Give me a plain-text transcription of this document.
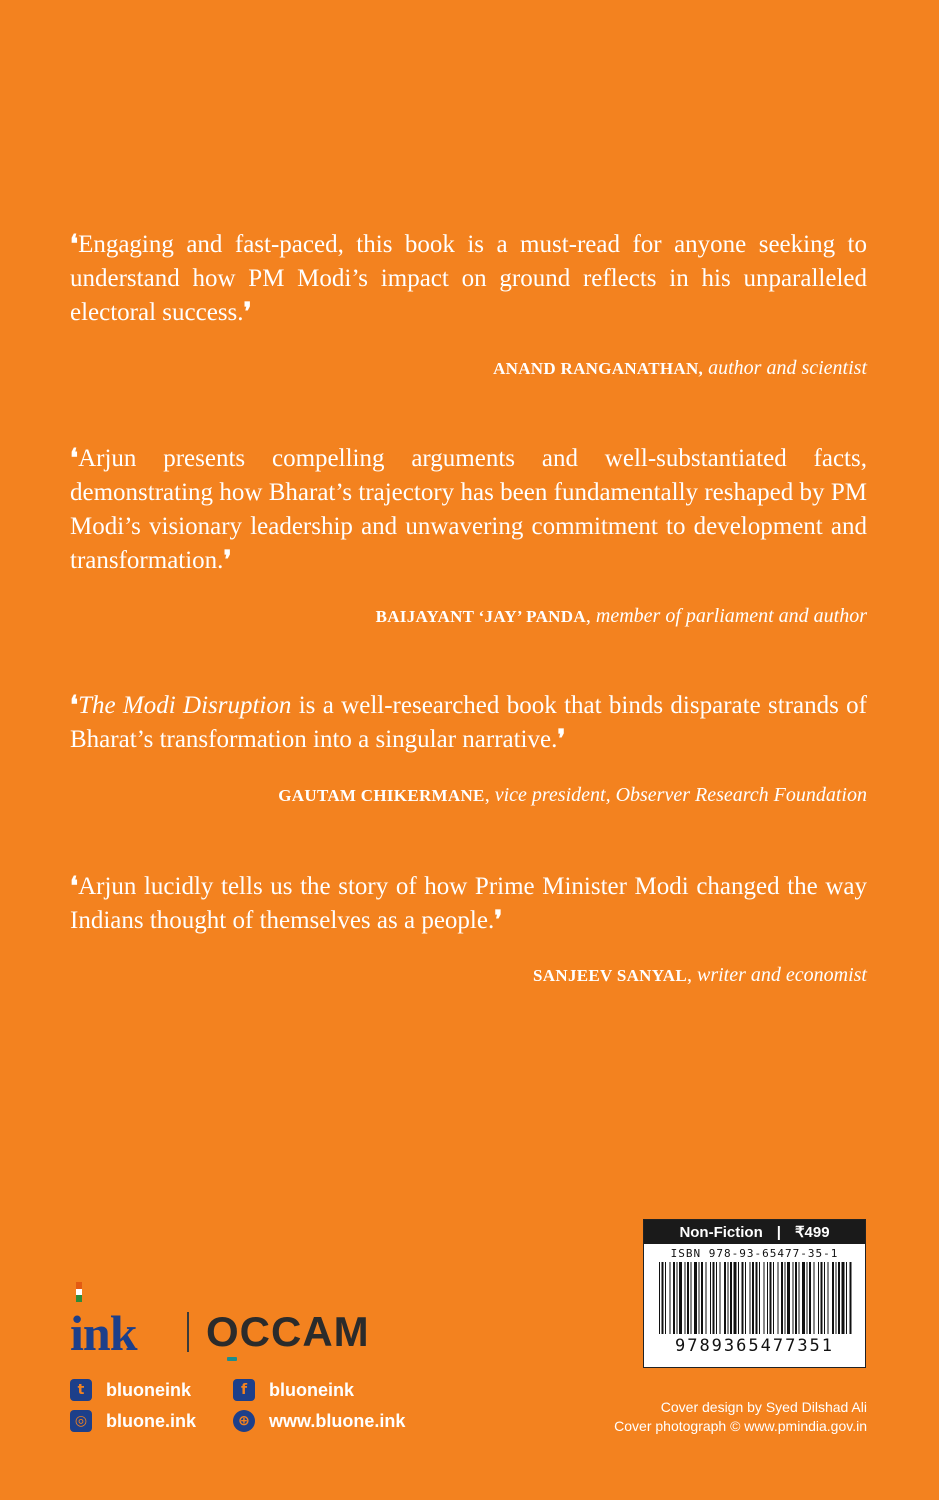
❛Engaging and fast-paced, this book is a must-read for anyone seeking to understand how PM Modi’s impact on ground reflects in his unparalleled electoral success.❜
ANAND RANGANATHAN, author and scientist
❛Arjun presents compelling arguments and well-substantiated facts, demonstrating how Bharat’s trajectory has been fundamentally reshaped by PM Modi’s visionary leadership and unwavering commitment to development and transformation.❜
BAIJAYANT ‘JAY’ PANDA, member of parliament and author
❛The Modi Disruption is a well-researched book that binds disparate strands of Bharat’s transformation into a singular narrative.❜
GAUTAM CHIKERMANE, vice president, Observer Research Foundation
❛Arjun lucidly tells us the story of how Prime Minister Modi changed the way Indians thought of themselves as a people.❜
SANJEEV SANYAL, writer and economist
ink OCCAM
t	bluoneink	f	bluoneink
◎ bluone.ink	⊕ www.bluone.ink
Non-Fiction | ₹499
ISBN 978-93-65477-35-1
9789365477351
Cover design by Syed Dilshad Ali
Cover photograph © www.pmindia.gov.in
